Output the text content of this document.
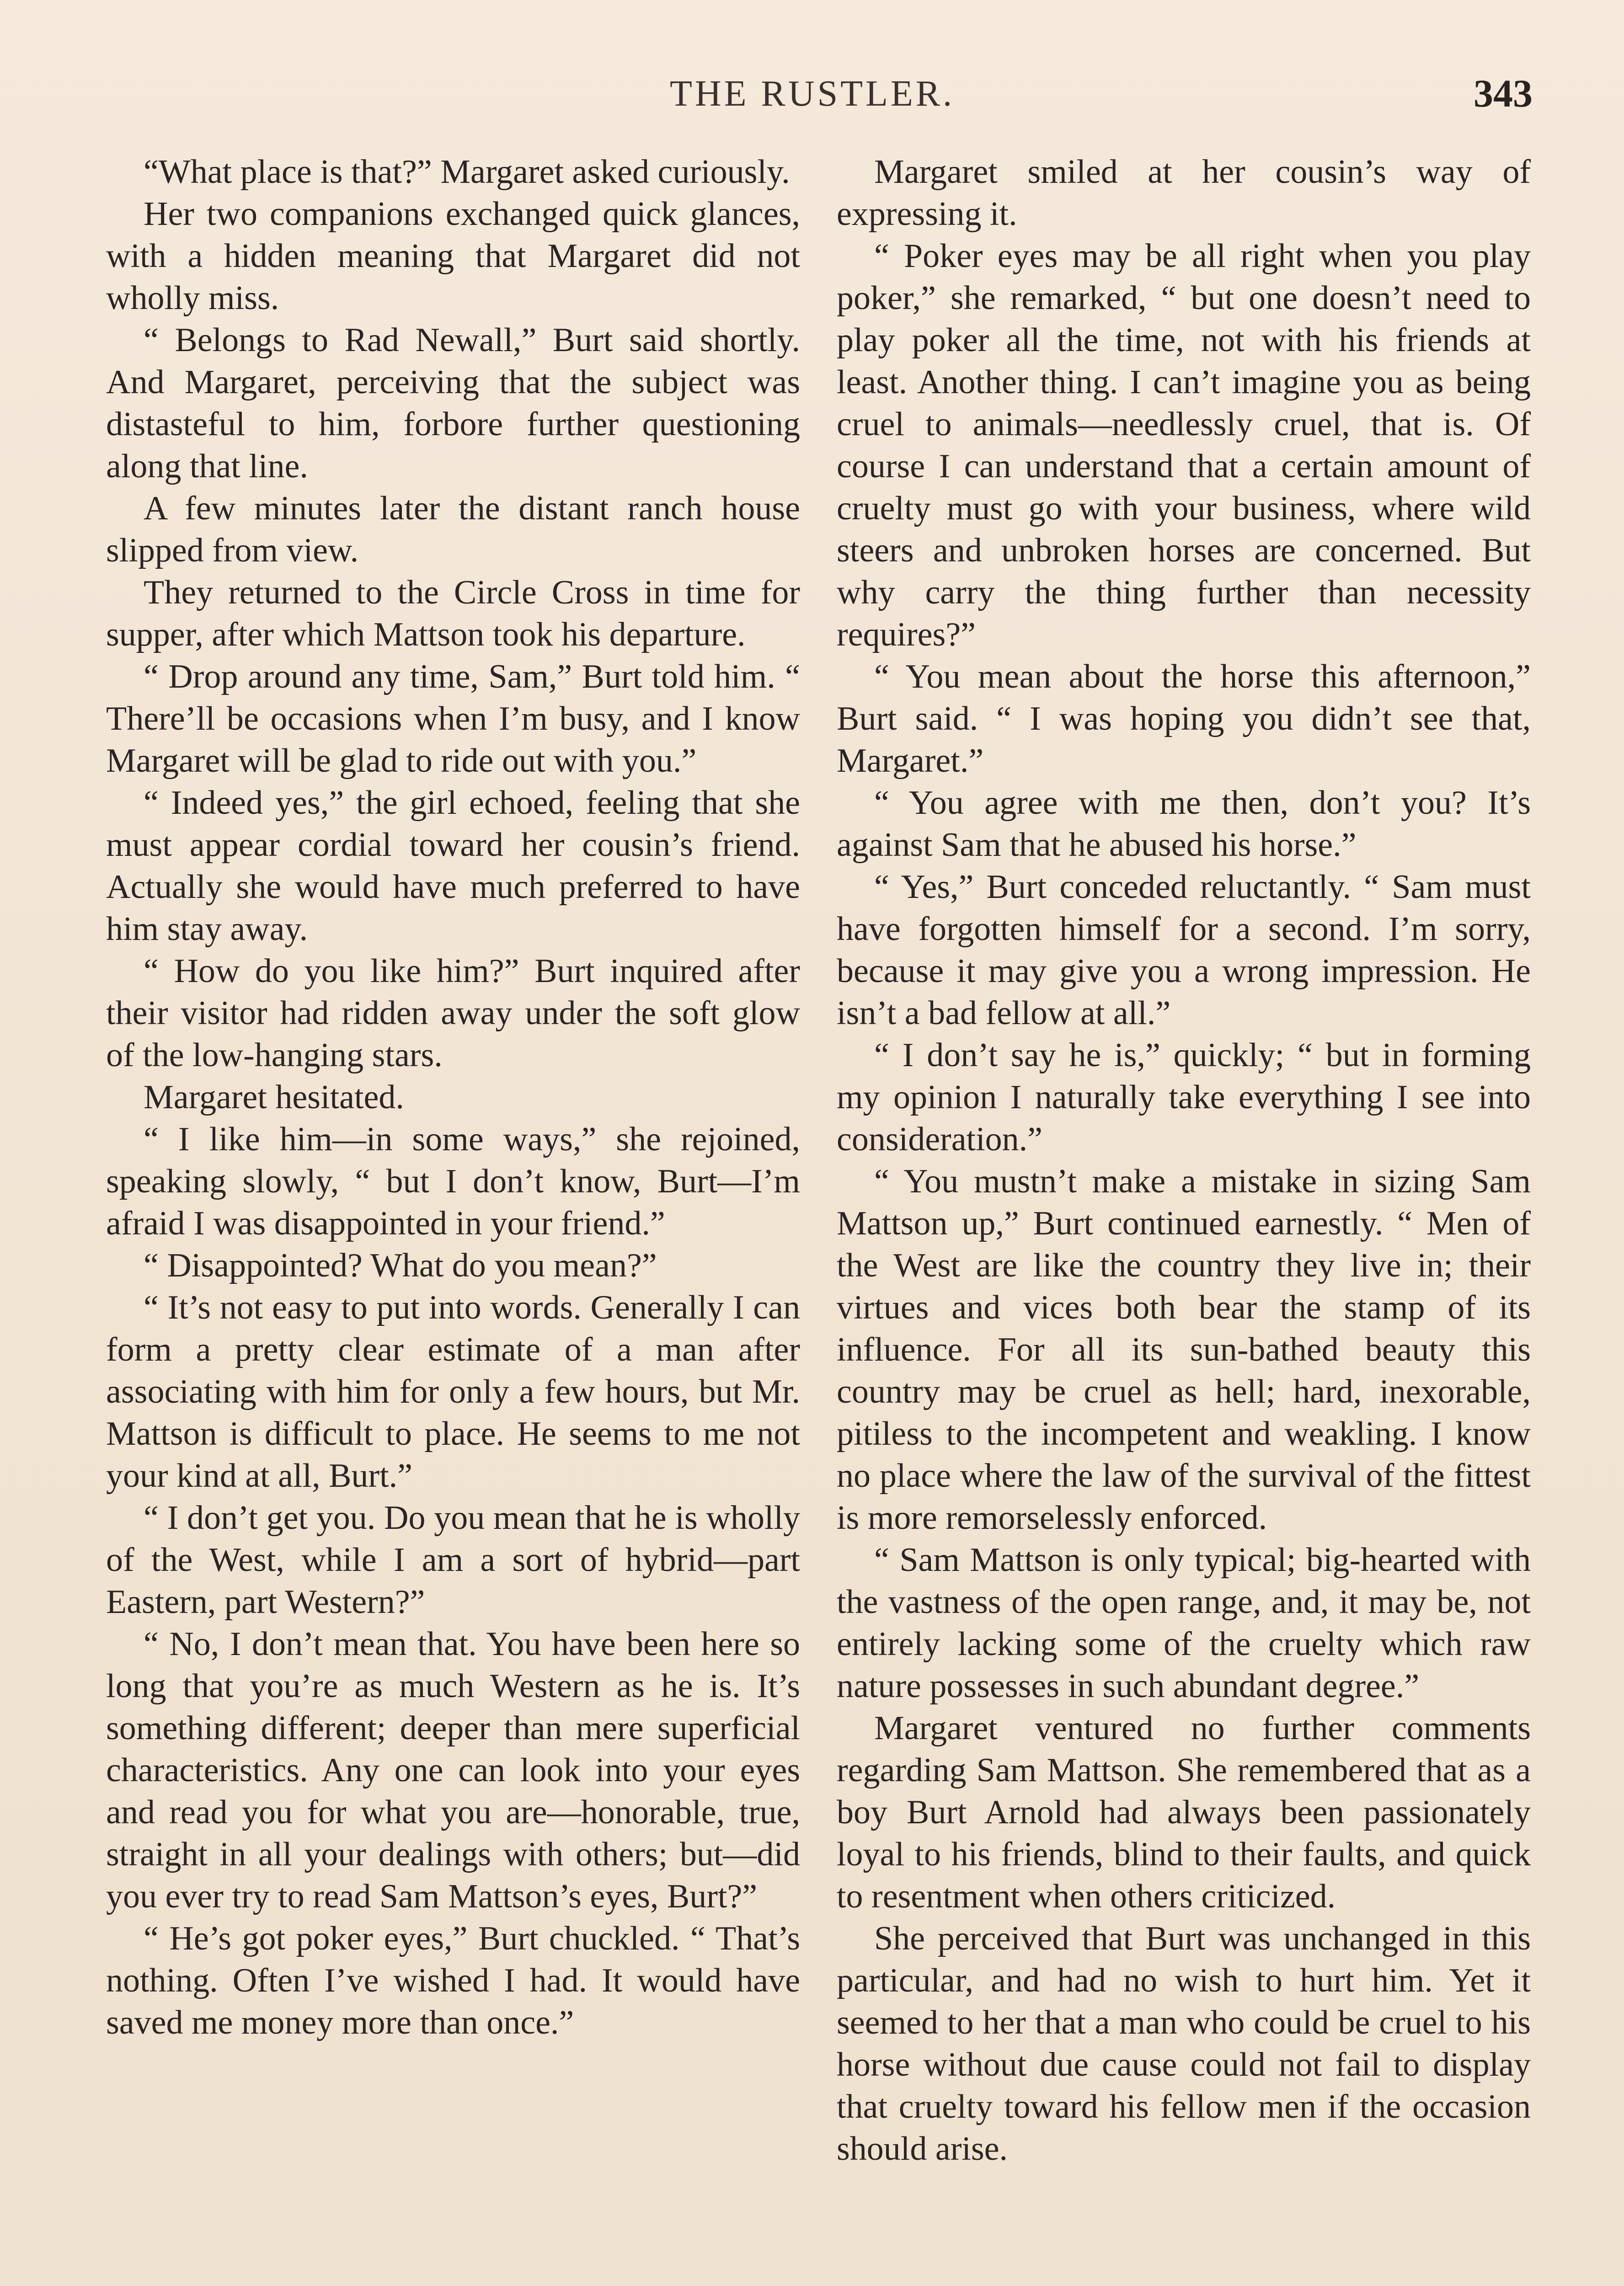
THE RUSTLER.	343

“What place is that?” Margaret asked curiously.

Her two companions exchanged quick glances, with a hidden meaning that Margaret did not wholly miss.

“ Belongs to Rad Newall,” Burt said shortly. And Margaret, perceiving that the subject was distasteful to him, forbore further questioning along that line.

A few minutes later the distant ranch house slipped from view.

They returned to the Circle Cross in time for supper, after which Mattson took his departure.

“ Drop around any time, Sam,” Burt told him. “ There’ll be occasions when I’m busy, and I know Margaret will be glad to ride out with you.”

“ Indeed yes,” the girl echoed, feeling that she must appear cordial toward her cousin’s friend. Actually she would have much preferred to have him stay away.

“ How do you like him?” Burt inquired after their visitor had ridden away under the soft glow of the low-hanging stars.

Margaret hesitated.

“ I like him—in some ways,” she rejoined, speaking slowly, “ but I don’t know, Burt—I’m afraid I was disappointed in your friend.”

“ Disappointed? What do you mean?”

“ It’s not easy to put into words. Generally I can form a pretty clear estimate of a man after associating with him for only a few hours, but Mr. Mattson is difficult to place. He seems to me not your kind at all, Burt.”

“ I don’t get you. Do you mean that he is wholly of the West, while I am a sort of hybrid—part Eastern, part Western?”

“ No, I don’t mean that. You have been here so long that you’re as much Western as he is. It’s something different; deeper than mere superficial characteristics. Any one can look into your eyes and read you for what you are—honorable, true, straight in all your dealings with others; but—did you ever try to read Sam Mattson’s eyes, Burt?”

“ He’s got poker eyes,” Burt chuckled. “ That’s nothing. Often I’ve wished I had. It would have saved me money more than once.”

Margaret smiled at her cousin’s way of expressing it.

“ Poker eyes may be all right when you play poker,” she remarked, “ but one doesn’t need to play poker all the time, not with his friends at least. Another thing. I can’t imagine you as being cruel to animals—needlessly cruel, that is. Of course I can understand that a certain amount of cruelty must go with your business, where wild steers and unbroken horses are concerned. But why carry the thing further than necessity requires?”

“ You mean about the horse this afternoon,” Burt said. “ I was hoping you didn’t see that, Margaret.”

“ You agree with me then, don’t you? It’s against Sam that he abused his horse.”

“ Yes,” Burt conceded reluctantly. “ Sam must have forgotten himself for a second. I’m sorry, because it may give you a wrong impression. He isn’t a bad fellow at all.”

“ I don’t say he is,” quickly; “ but in forming my opinion I naturally take everything I see into consideration.”

“ You mustn’t make a mistake in sizing Sam Mattson up,” Burt continued earnestly. “ Men of the West are like the country they live in; their virtues and vices both bear the stamp of its influence. For all its sun-bathed beauty this country may be cruel as hell; hard, inexorable, pitiless to the incompetent and weakling. I know no place where the law of the survival of the fittest is more remorselessly enforced.

“ Sam Mattson is only typical; big-hearted with the vastness of the open range, and, it may be, not entirely lacking some of the cruelty which raw nature possesses in such abundant degree.”

Margaret ventured no further comments regarding Sam Mattson. She remembered that as a boy Burt Arnold had always been passionately loyal to his friends, blind to their faults, and quick to resentment when others criticized.

She perceived that Burt was unchanged in this particular, and had no wish to hurt him. Yet it seemed to her that a man who could be cruel to his horse without due cause could not fail to display that cruelty toward his fellow men if the occasion should arise.
